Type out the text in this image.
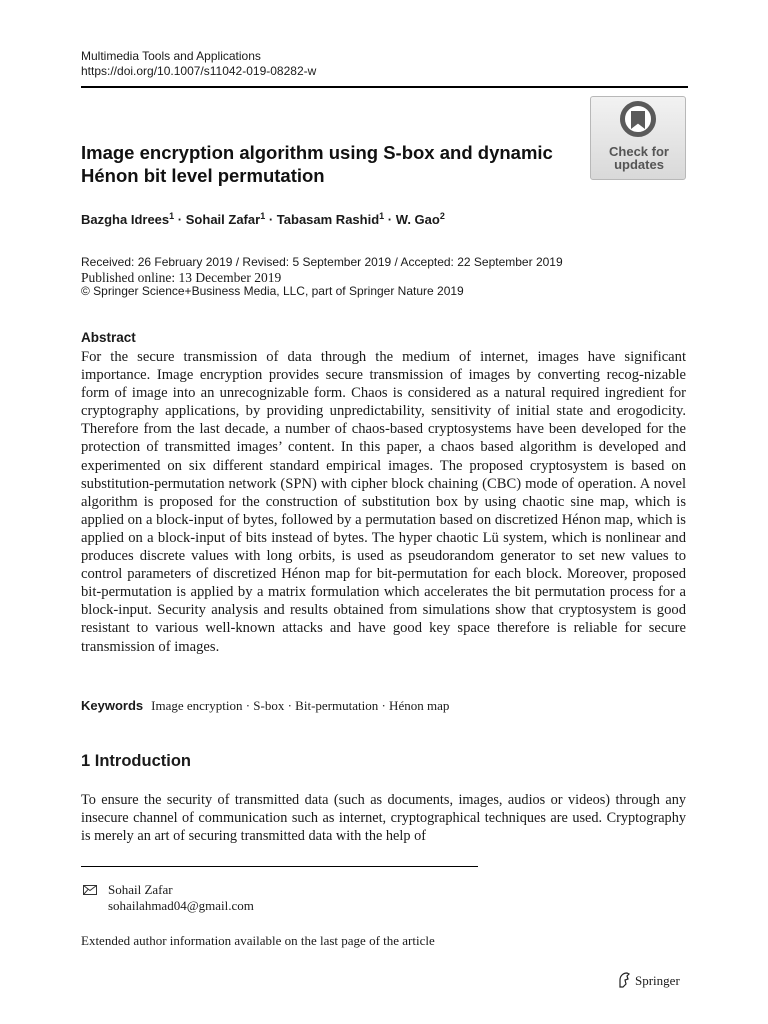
Multimedia Tools and Applications
https://doi.org/10.1007/s11042-019-08282-w
Check for
updates
Image encryption algorithm using S-box and dynamic Hénon bit level permutation
Bazgha Idrees$^1$ · Sohail Zafar$^1$ · Tabasam Rashid$^1$ · W. Gao$^2$
Received: 26 February 2019 / Revised: 5 September 2019 / Accepted: 22 September 2019
Published online: 13 December 2019
© Springer Science+Business Media, LLC, part of Springer Nature 2019
Abstract

For the secure transmission of data through the medium of internet, images have significant importance. Image encryption provides secure transmission of images by converting recog-nizable form of image into an unrecognizable form. Chaos is considered as a natural required ingredient for cryptography applications, by providing unpredictability, sensitivity of initial state and erogodicity. Therefore from the last decade, a number of chaos-based cryptosystems have been developed for the protection of transmitted images’ content. In this paper, a chaos based algorithm is developed and experimented on six different standard empirical images. The proposed cryptosystem is based on substitution-permutation network (SPN) with cipher block chaining (CBC) mode of operation. A novel algorithm is proposed for the construction of substitution box by using chaotic sine map, which is applied on a block-input of bytes, followed by a permutation based on discretized Hénon map, which is applied on a block-input of bits instead of bytes. The hyper chaotic Lü system, which is nonlinear and produces discrete values with long orbits, is used as pseudorandom generator to set new values to control parameters of discretized Hénon map for bit-permutation for each block. Moreover, proposed bit-permutation is applied by a matrix formulation which accelerates the bit permutation process for a block-input. Security analysis and results obtained from simulations show that cryptosystem is good resistant to various well-known attacks and have good key space therefore is reliable for secure transmission of images.

Keywords Image encryption · S-box · Bit-permutation · Hénon map
1 Introduction

To ensure the security of transmitted data (such as documents, images, audios or videos) through any insecure channel of communication such as internet, cryptographical techniques are used. Cryptography is merely an art of securing transmitted data with the help of

Sohail Zafar
sohailahmad04@gmail.com
Extended author information available on the last page of the article
Springer
